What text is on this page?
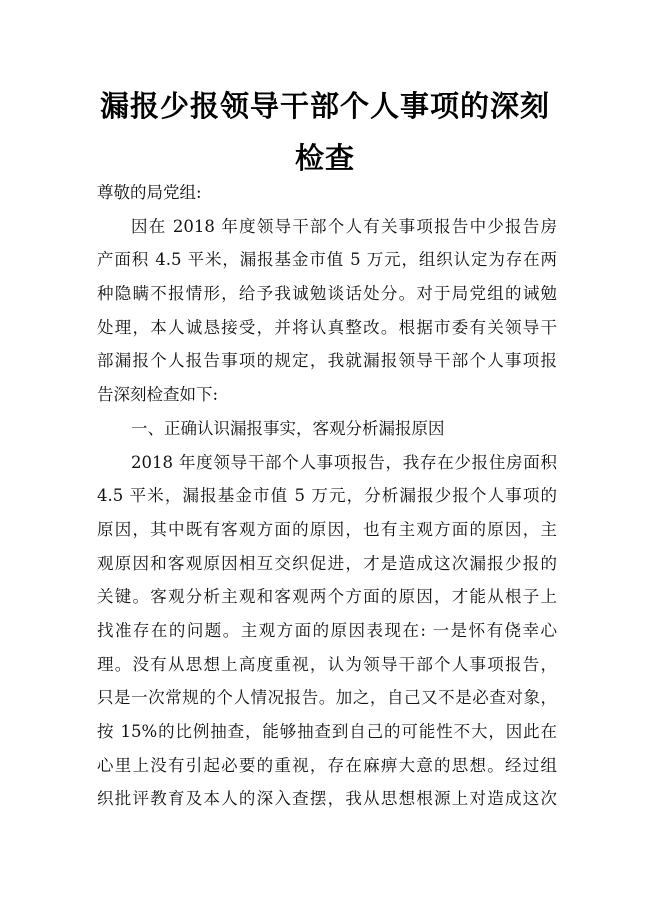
漏报少报领导干部个人事项的深刻
检查
尊敬的局党组:
因在 2018 年度领导干部个人有关事项报告中少报告房
产面积 4.5 平米，漏报基金市值 5 万元，组织认定为存在两
种隐瞒不报情形，给予我诚勉谈话处分。对于局党组的诫勉
处理，本人诚恳接受，并将认真整改。根据市委有关领导干
部漏报个人报告事项的规定，我就漏报领导干部个人事项报
告深刻检查如下:
一、正确认识漏报事实，客观分析漏报原因
2018 年度领导干部个人事项报告，我存在少报住房面积
4.5 平米，漏报基金市值 5 万元，分析漏报少报个人事项的
原因，其中既有客观方面的原因，也有主观方面的原因，主
观原因和客观原因相互交织促进，才是造成这次漏报少报的
关键。客观分析主观和客观两个方面的原因，才能从根子上
找准存在的问题。主观方面的原因表现在: 一是怀有侥幸心
理。没有从思想上高度重视，认为领导干部个人事项报告，
只是一次常规的个人情况报告。加之，自己又不是必查对象，
按 15%的比例抽查，能够抽查到自己的可能性不大，因此在
心里上没有引起必要的重视，存在麻痹大意的思想。经过组
织批评教育及本人的深入查摆，我从思想根源上对造成这次
